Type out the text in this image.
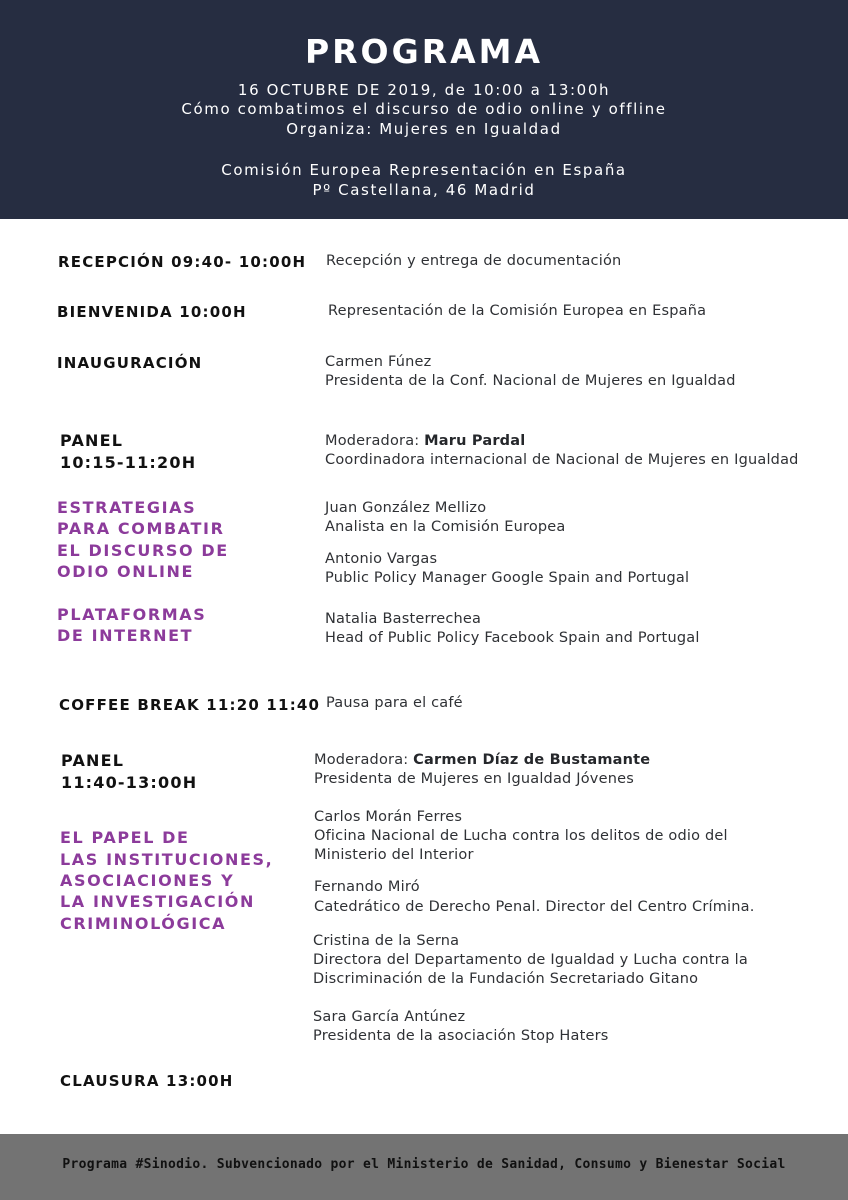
PROGRAMA
16 OCTUBRE DE 2019, de 10:00 a 13:00h
Cómo combatimos el discurso de odio online y offline
Organiza: Mujeres en Igualdad
Comisión Europea Representación en España
Pº Castellana, 46 Madrid
RECEPCIÓN 09:40- 10:00H Recepción y entrega de documentación
BIENVENIDA 10:00H	Representación de la Comisión Europea en España
INAUGURACIÓN	Carmen Fúnez
Presidenta de la Conf. Nacional de Mujeres en Igualdad
PANEL
10:15-11:20H
ESTRATEGIAS
PARA COMBATIR
EL DISCURSO DE
ODIO ONLINE
PLATAFORMAS
DE INTERNET
Moderadora: Maru Pardal
Coordinadora internacional de Nacional de Mujeres en Igualdad
Juan González Mellizo
Analista en la Comisión Europea
Antonio Vargas
Public Policy Manager Google Spain and Portugal
Natalia Basterrechea
Head of Public Policy Facebook Spain and Portugal
COFFEE BREAK 11:20 11:40 Pausa para el café
PANEL
11:40-13:00H
EL PAPEL DE
LAS INSTITUCIONES,
ASOCIACIONES Y
LA INVESTIGACIÓN
CRIMINOLÓGICA
Moderadora: Carmen Díaz de Bustamante
Presidenta de Mujeres en Igualdad Jóvenes
Carlos Morán Ferres
Oficina Nacional de Lucha contra los delitos de odio del
Ministerio del Interior
Fernando Miró
Catedrático de Derecho Penal. Director del Centro Crímina.
Cristina de la Serna
Directora del Departamento de Igualdad y Lucha contra la
Discriminación de la Fundación Secretariado Gitano
Sara García Antúnez
Presidenta de la asociación Stop Haters
CLAUSURA 13:00H
Programa #Sinodio. Subvencionado por el Ministerio de Sanidad, Consumo y Bienestar Social
